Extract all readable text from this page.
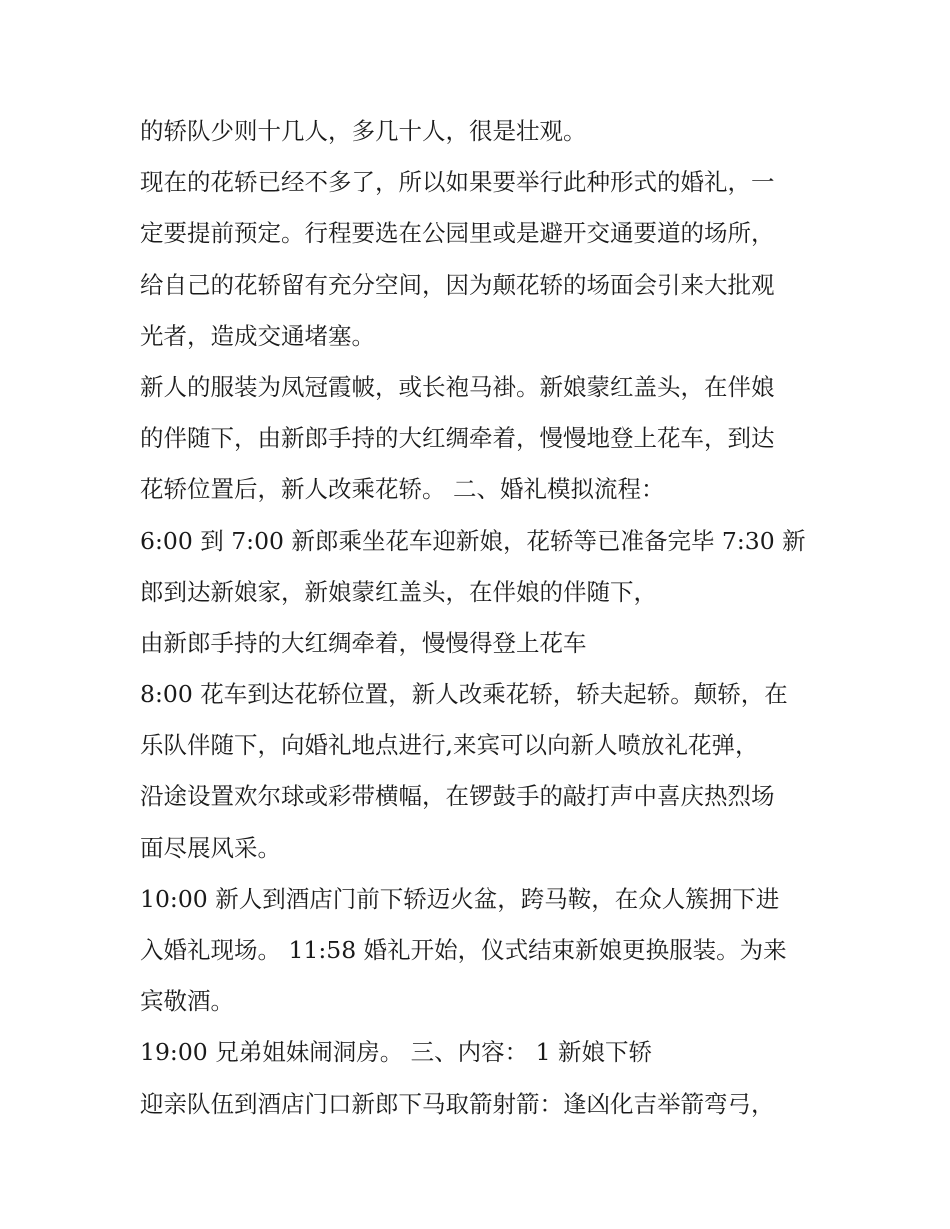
的轿队少则十几人，多几十人，很是壮观。
现在的花轿已经不多了，所以如果要举行此种形式的婚礼，一
定要提前预定。行程要选在公园里或是避开交通要道的场所，
给自己的花轿留有充分空间，因为颠花轿的场面会引来大批观
光者，造成交通堵塞。
新人的服装为凤冠霞帔，或长袍马褂。新娘蒙红盖头，在伴娘
的伴随下，由新郎手持的大红绸牵着，慢慢地登上花车，到达
花轿位置后，新人改乘花轿。 二、婚礼模拟流程：
6:00 到 7:00 新郎乘坐花车迎新娘，花轿等已准备完毕 7:30 新
郎到达新娘家，新娘蒙红盖头，在伴娘的伴随下，
由新郎手持的大红绸牵着，慢慢得登上花车
8:00 花车到达花轿位置，新人改乘花轿，轿夫起轿。颠轿，在
乐队伴随下，向婚礼地点进行,来宾可以向新人喷放礼花弹，
沿途设置欢尔球或彩带横幅，在锣鼓手的敲打声中喜庆热烈场
面尽展风采。
10:00 新人到酒店门前下轿迈火盆，跨马鞍，在众人簇拥下进
入婚礼现场。 11:58 婚礼开始，仪式结束新娘更换服装。为来
宾敬酒。
19:00 兄弟姐妹闹洞房。 三、内容： 1 新娘下轿
迎亲队伍到酒店门口新郎下马取箭射箭：逢凶化吉举箭弯弓，
